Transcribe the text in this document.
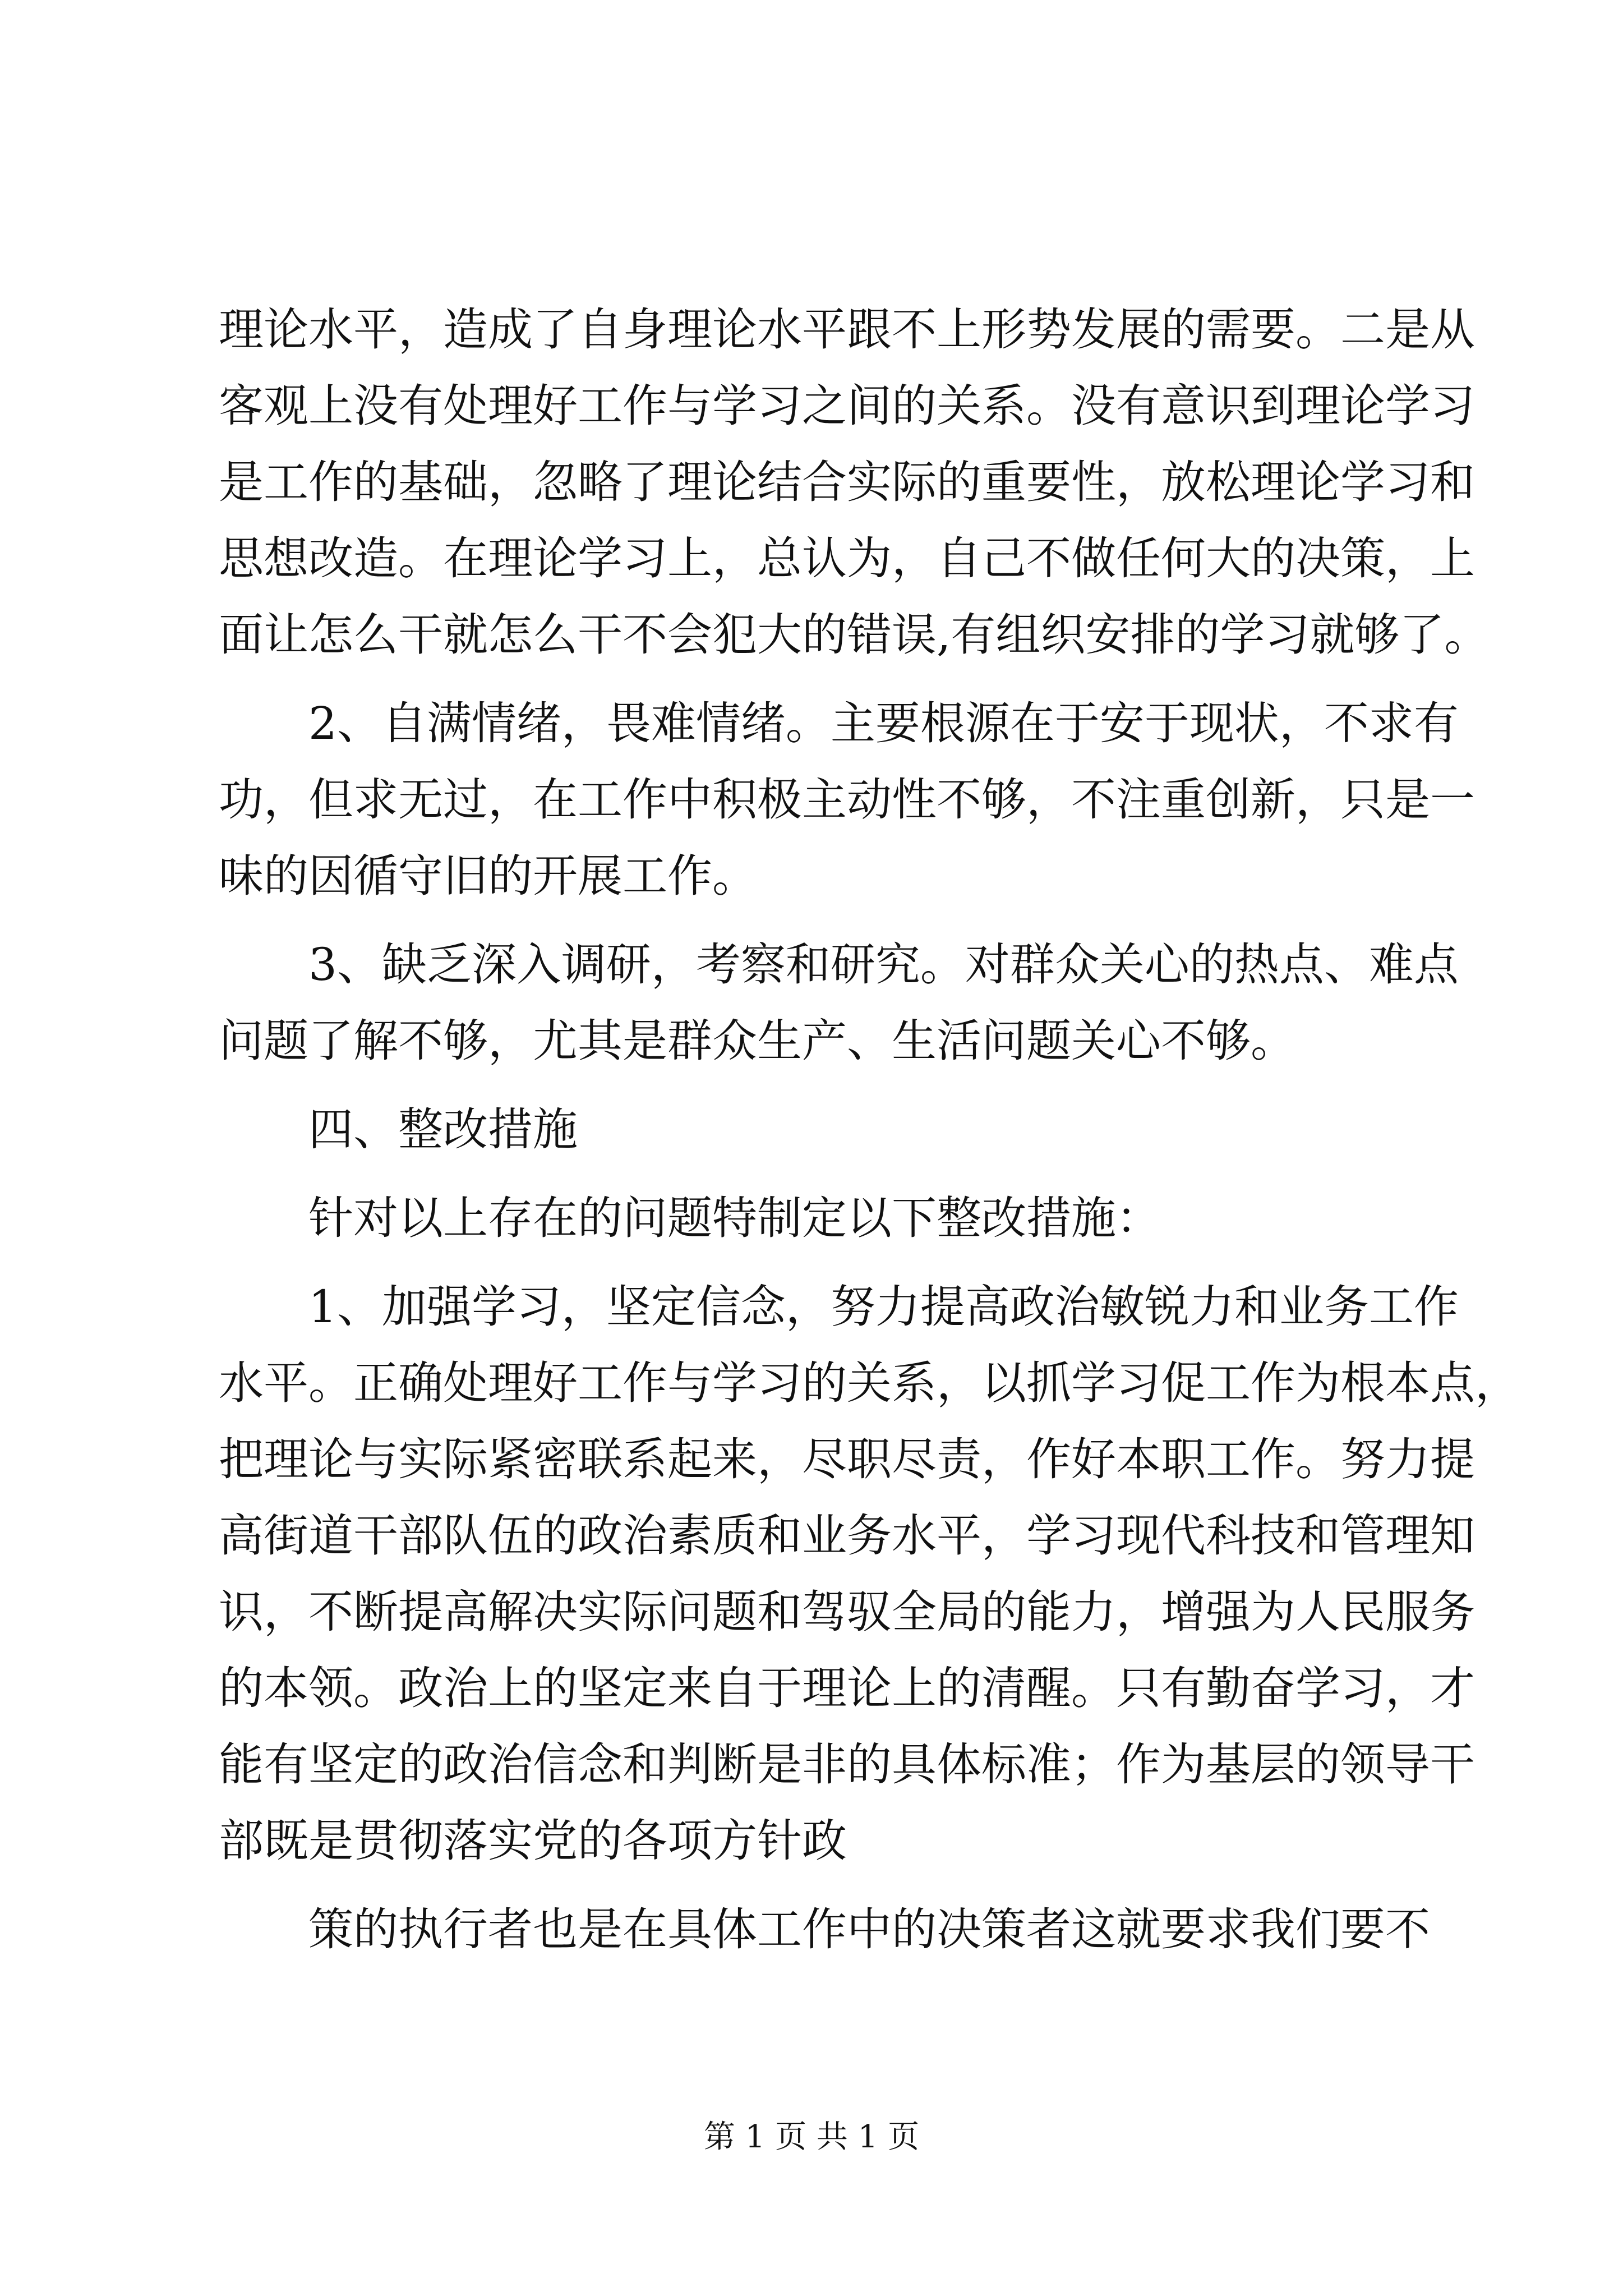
理论水平，造成了自身理论水平跟不上形势发展的需要。二是从
客观上没有处理好工作与学习之间的关系。没有意识到理论学习
是工作的基础，忽略了理论结合实际的重要性，放松理论学习和
思想改造。在理论学习上，总认为，自己不做任何大的决策，上
面让怎么干就怎么干不会犯大的错误,有组织安排的学习就够了。
2、自满情绪，畏难情绪。主要根源在于安于现状，不求有
功，但求无过，在工作中积极主动性不够，不注重创新，只是一
味的因循守旧的开展工作。
3、缺乏深入调研，考察和研究。对群众关心的热点、难点
问题了解不够，尤其是群众生产、生活问题关心不够。
四、整改措施
针对以上存在的问题特制定以下整改措施：
1、加强学习，坚定信念，努力提高政治敏锐力和业务工作
水平。正确处理好工作与学习的关系，以抓学习促工作为根本点，
把理论与实际紧密联系起来，尽职尽责，作好本职工作。努力提
高街道干部队伍的政治素质和业务水平，学习现代科技和管理知
识，不断提高解决实际问题和驾驭全局的能力，增强为人民服务
的本领。政治上的坚定来自于理论上的清醒。只有勤奋学习，才
能有坚定的政治信念和判断是非的具体标准；作为基层的领导干
部既是贯彻落实党的各项方针政
策的执行者也是在具体工作中的决策者这就要求我们要不
第 1 页 共 1 页
